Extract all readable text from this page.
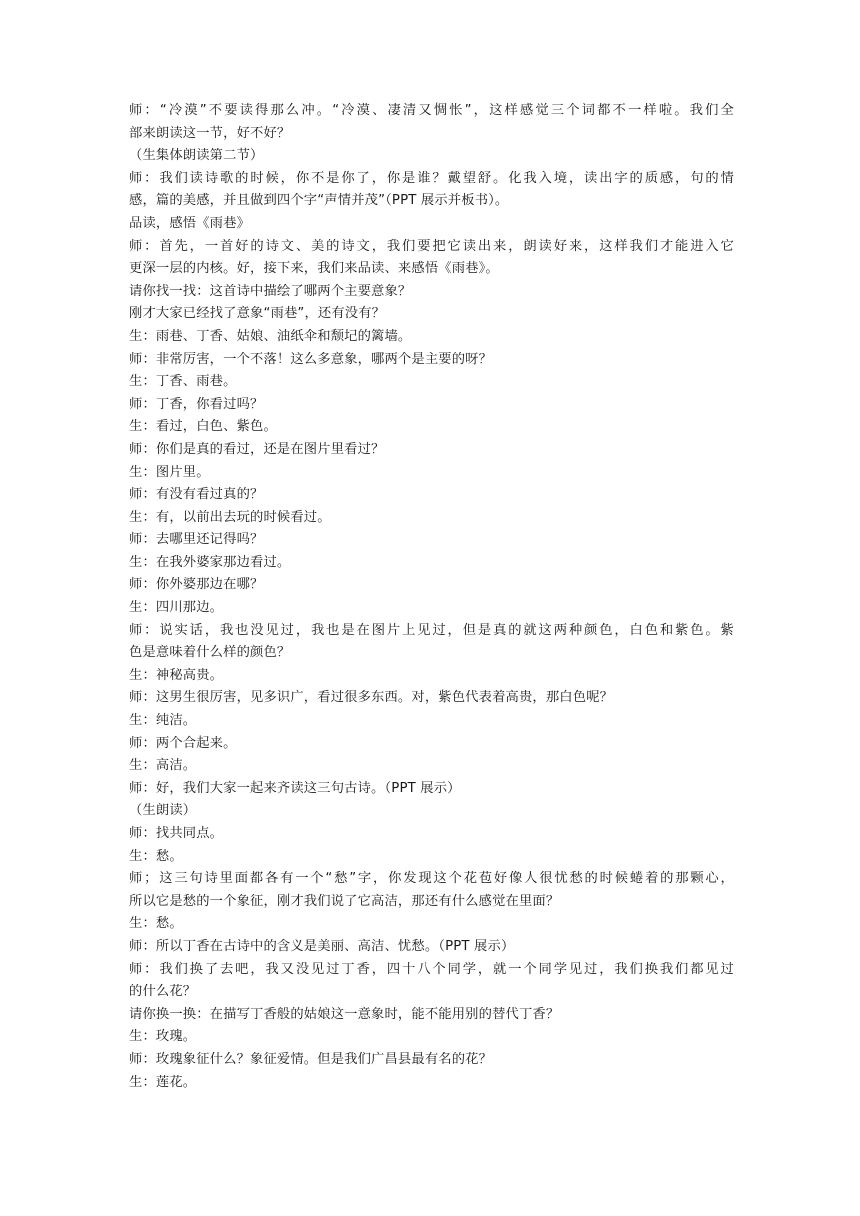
师：“冷漠”不要读得那么冲。“冷漠、凄清又惆怅”，这样感觉三个词都不一样啦。我们全
部来朗读这一节，好不好？
（生集体朗读第二节）
师：我们读诗歌的时候，你不是你了，你是谁？戴望舒。化我入境，读出字的质感，句的情
感，篇的美感，并且做到四个字“声情并茂”（PPT 展示并板书）。
品读，感悟《雨巷》
师：首先，一首好的诗文、美的诗文，我们要把它读出来，朗读好来，这样我们才能进入它
更深一层的内核。好，接下来，我们来品读、来感悟《雨巷》。
请你找一找：这首诗中描绘了哪两个主要意象？
刚才大家已经找了意象“雨巷”，还有没有？
生：雨巷、丁香、姑娘、油纸伞和颓圮的篱墙。
师：非常厉害，一个不落！这么多意象，哪两个是主要的呀？
生：丁香、雨巷。
师：丁香，你看过吗？
生：看过，白色、紫色。
师：你们是真的看过，还是在图片里看过？
生：图片里。
师：有没有看过真的？
生：有，以前出去玩的时候看过。
师：去哪里还记得吗？
生：在我外婆家那边看过。
师：你外婆那边在哪？
生：四川那边。
师：说实话，我也没见过，我也是在图片上见过，但是真的就这两种颜色，白色和紫色。紫
色是意味着什么样的颜色？
生：神秘高贵。
师：这男生很厉害，见多识广，看过很多东西。对，紫色代表着高贵，那白色呢？
生：纯洁。
师：两个合起来。
生：高洁。
师：好，我们大家一起来齐读这三句古诗。（PPT 展示）
（生朗读）
师：找共同点。
生：愁。
师；这三句诗里面都各有一个“愁”字，你发现这个花苞好像人很忧愁的时候蜷着的那颗心，
所以它是愁的一个象征，刚才我们说了它高洁，那还有什么感觉在里面？
生：愁。
师：所以丁香在古诗中的含义是美丽、高洁、忧愁。（PPT 展示）
师：我们换了去吧，我又没见过丁香，四十八个同学，就一个同学见过，我们换我们都见过
的什么花？
请你换一换：在描写丁香般的姑娘这一意象时，能不能用别的替代丁香？
生：玫瑰。
师：玫瑰象征什么？象征爱情。但是我们广昌县最有名的花？
生：莲花。
